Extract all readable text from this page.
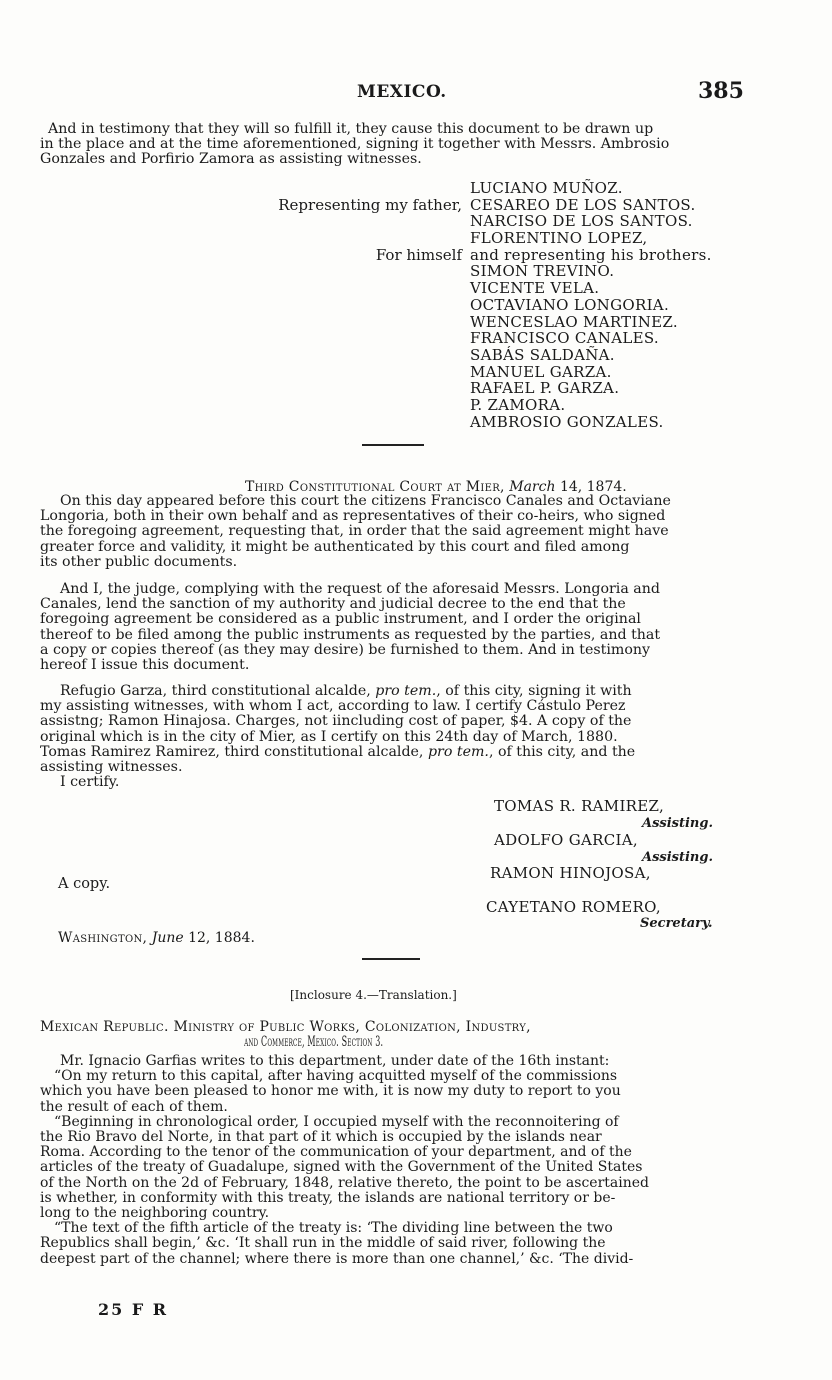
MEXICO.	385
And in testimony that they will so fulfill it, they cause this document to be drawn up
in the place and at the time aforementioned, signing it together with Messrs. Ambrosio
Gonzales and Porfirio Zamora as assisting witnesses.
LUCIANO MUÑOZ.
Representing my father, CESAREO DE LOS SANTOS.
NARCISO DE LOS SANTOS.
FLORENTINO LOPEZ,
For himself and representing his brothers.
SIMON TREVINO.
VICENTE VELA.
OCTAVIANO LONGORIA.
WENCESLAO MARTINEZ.
FRANCISCO CANALES.
SABÁS SALDAÑA.
MANUEL GARZA.
RAFAEL P. GARZA.
P. ZAMORA.
AMBROSIO GONZALES.
Third Constitutional Court at Mier, March 14, 1874.
On this day appeared before this court the citizens Francisco Canales and Octaviane
Longoria, both in their own behalf and as representatives of their co-heirs, who signed
the foregoing agreement, requesting that, in order that the said agreement might have
greater force and validity, it might be authenticated by this court and filed among
its other public documents.
And I, the judge, complying with the request of the aforesaid Messrs. Longoria and
Canales, lend the sanction of my authority and judicial decree to the end that the
foregoing agreement be considered as a public instrument, and I order the original
thereof to be filed among the public instruments as requested by the parties, and that
a copy or copies thereof (as they may desire) be furnished to them. And in testimony
hereof I issue this document.
Refugio Garza, third constitutional alcalde, pro tem., of this city, signing it with
my assisting witnesses, with whom I act, according to law. I certify Cástulo Perez
assistng; Ramon Hinajosa. Charges, not iincluding cost of paper, $4. A copy of the
original which is in the city of Mier, as I certify on this 24th day of March, 1880.
Tomas Ramirez Ramirez, third constitutional alcalde, pro tem., of this city, and the
assisting witnesses.
I certify.
TOMAS R. RAMIREZ,
Assisting.
ADOLFO GARCIA,
Assisting.
RAMON HINOJOSA,
A copy.
CAYETANO ROMERO,
Secretary.
Washington, June 12, 1884.
[Inclosure 4.—Translation.]
Mexican Republic. Ministry of Public Works, Colonization, Industry,
and Commerce, Mexico. Section 3.
Mr. Ignacio Garfias writes to this department, under date of the 16th instant:
“On my return to this capital, after having acquitted myself of the commissions
which you have been pleased to honor me with, it is now my duty to report to you
the result of each of them.
“Beginning in chronological order, I occupied myself with the reconnoitering of
the Rio Bravo del Norte, in that part of it which is occupied by the islands near
Roma. According to the tenor of the communication of your department, and of the
articles of the treaty of Guadalupe, signed with the Government of the United States
of the North on the 2d of February, 1848, relative thereto, the point to be ascertained
is whether, in conformity with this treaty, the islands are national territory or be-
long to the neighboring country.
“The text of the fifth article of the treaty is: ‘The dividing line between the two
Republics shall begin,’ &c. ‘It shall run in the middle of said river, following the
deepest part of the channel; where there is more than one channel,’ &c. ‘The divid-
25 F R
